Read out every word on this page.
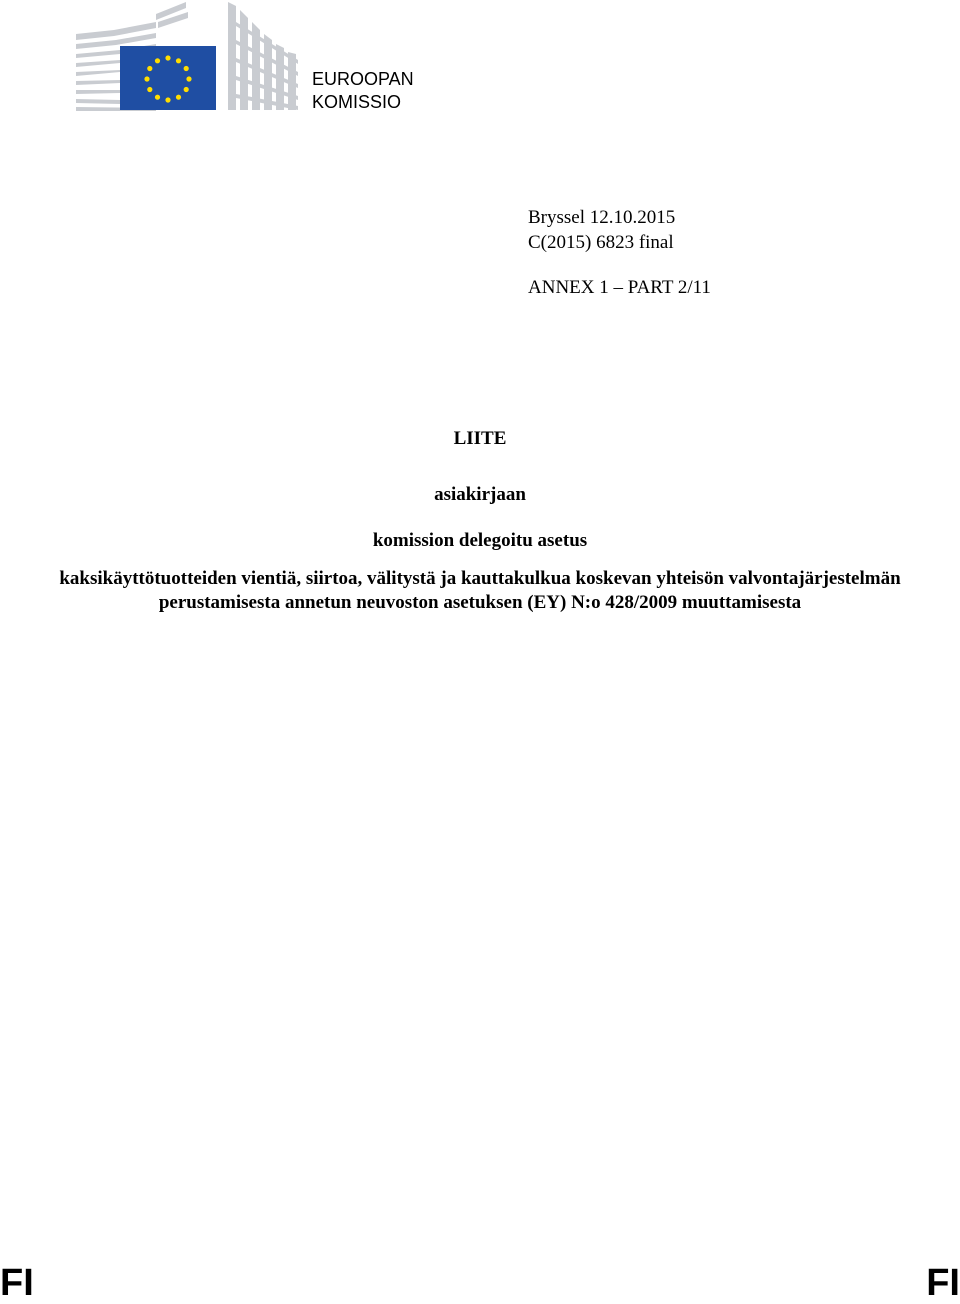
EUROOPAN
KOMISSIO
Bryssel 12.10.2015
C(2015) 6823 final
ANNEX 1 – PART 2/11
LIITE
asiakirjaan
komission delegoitu asetus
kaksikäyttötuotteiden vientiä, siirtoa, välitystä ja kauttakulkua koskevan yhteisön valvontajärjestelmän perustamisesta annetun neuvoston asetuksen (EY) N:o 428/2009 muuttamisesta
FI	FI
